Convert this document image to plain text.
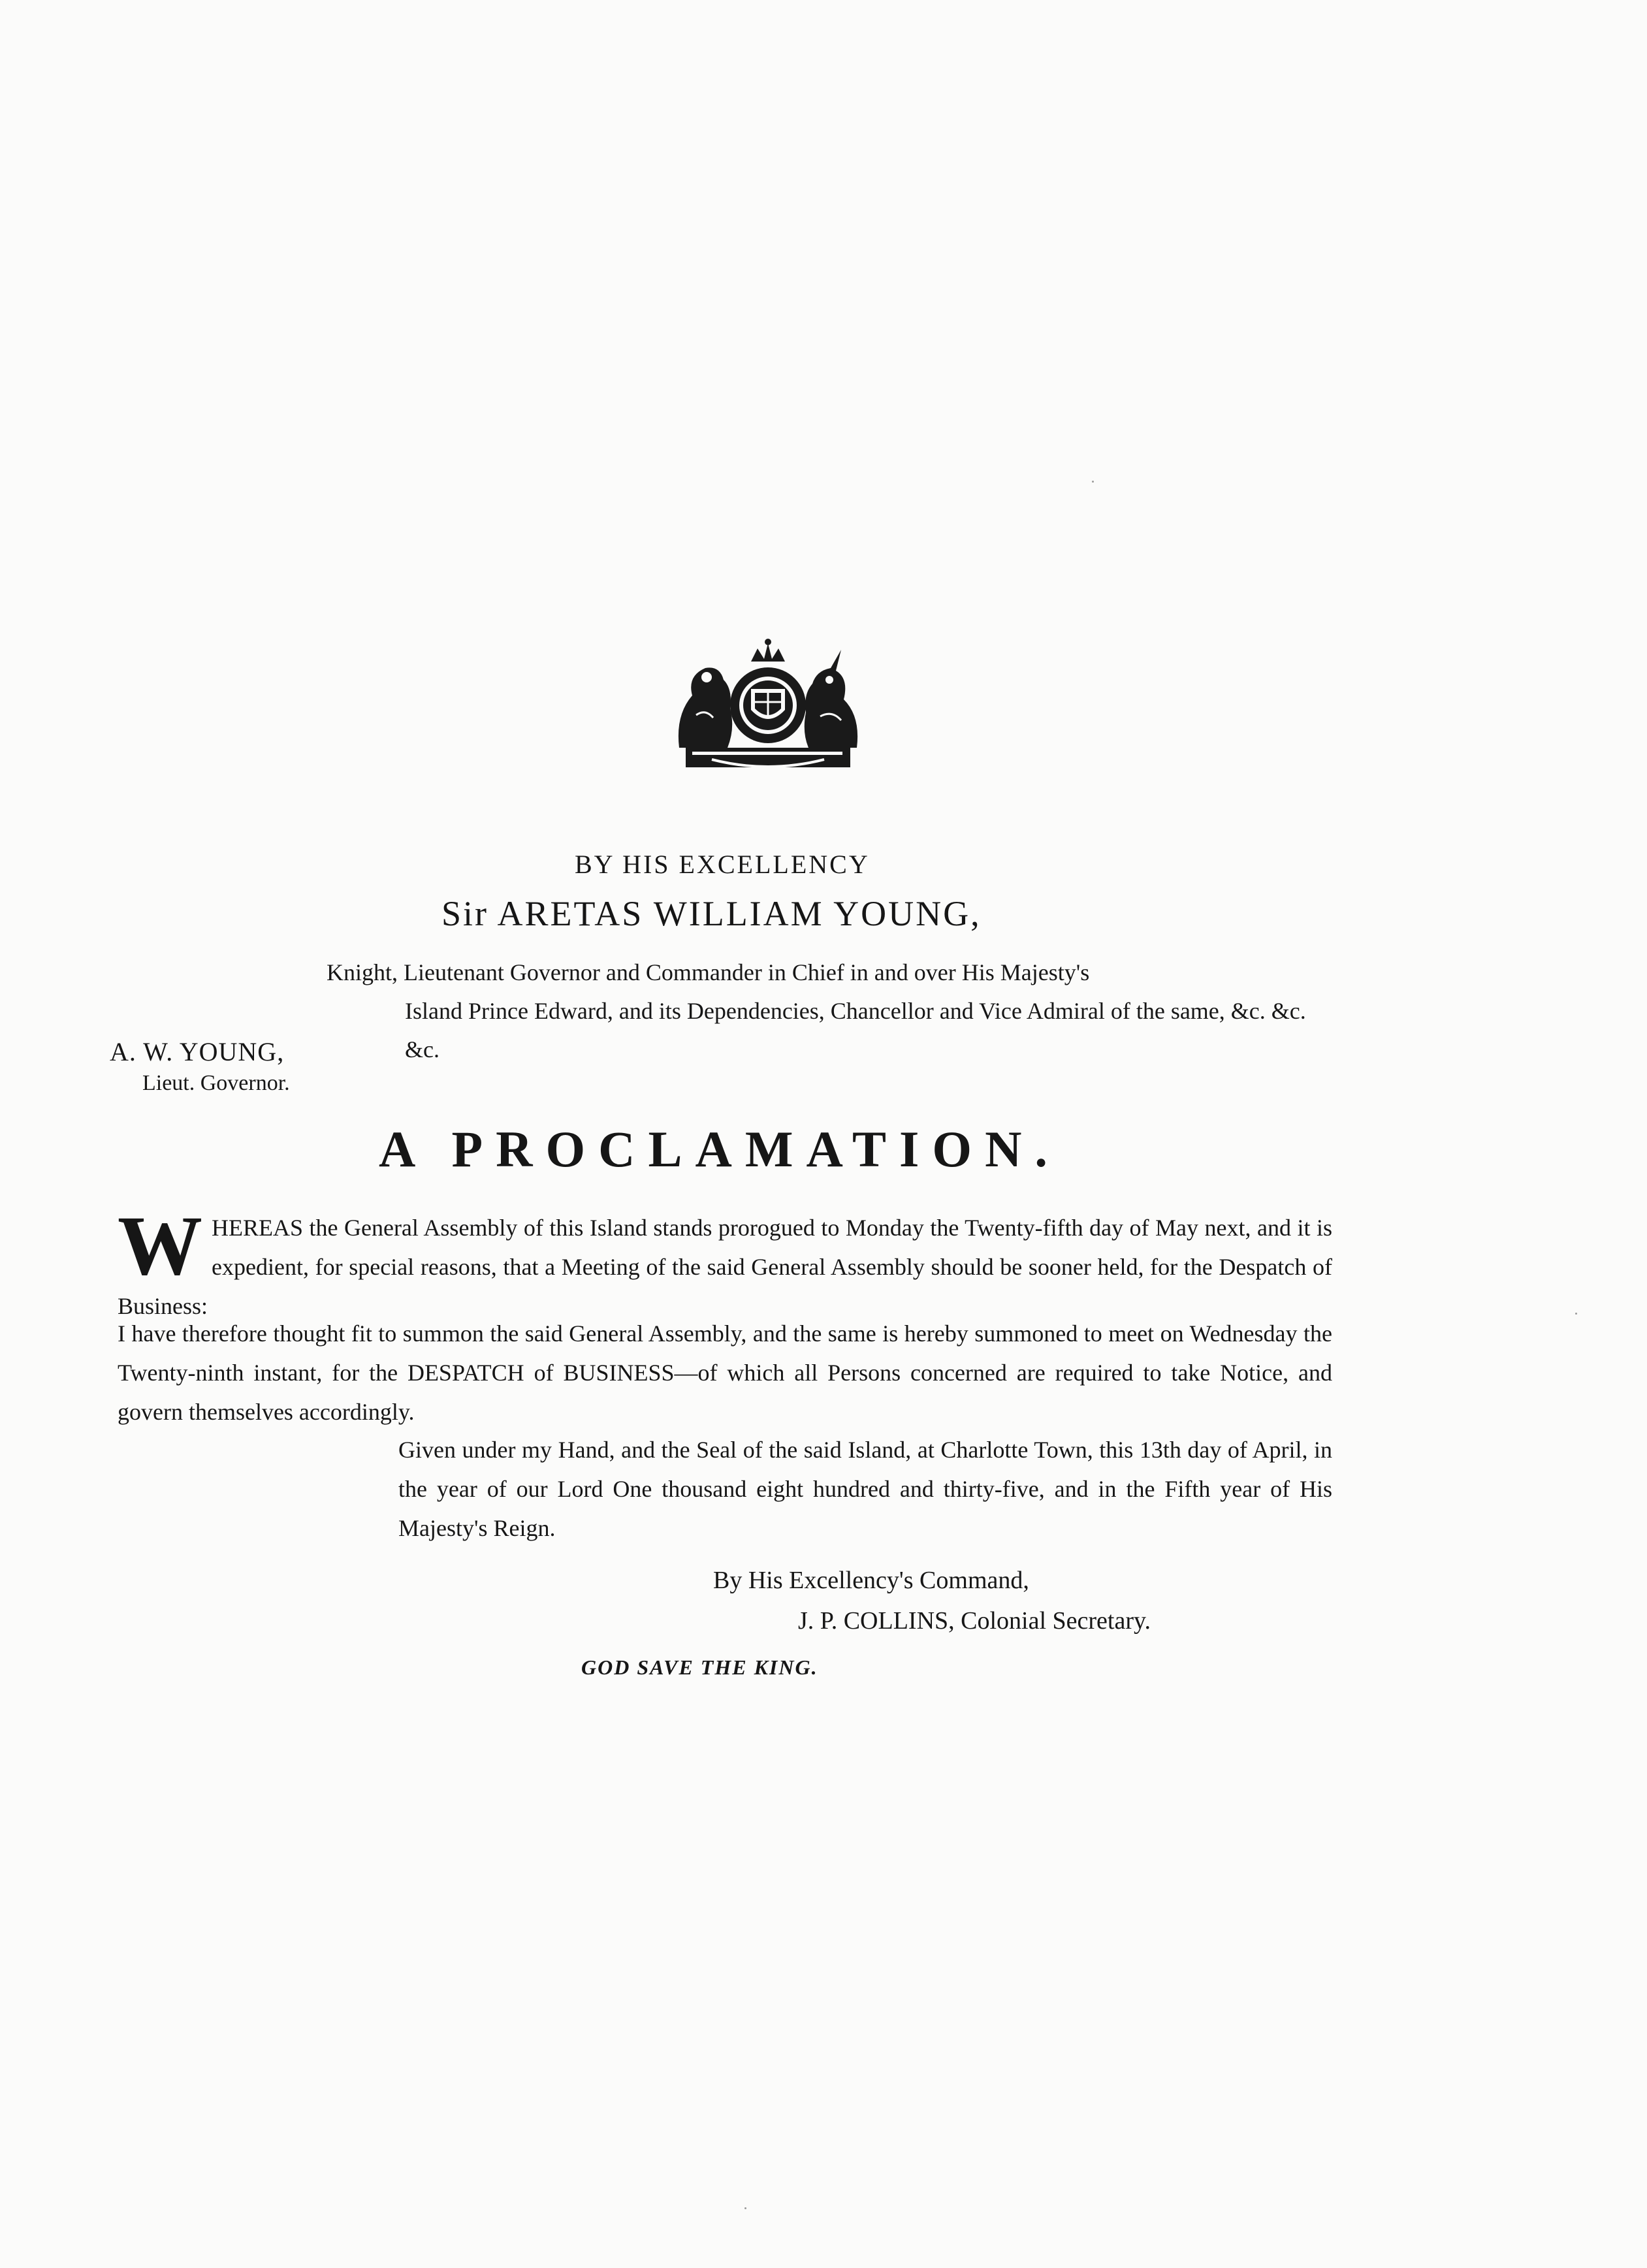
BY HIS EXCELLENCY
Sir ARETAS WILLIAM YOUNG,
Knight, Lieutenant Governor and Commander in Chief in and over His Majesty's
Island Prince Edward, and its Dependencies, Chancellor and Vice Admiral of the same, &c. &c. &c.
A. W. YOUNG,
Lieut. Governor.
A PROCLAMATION.
W HEREAS the General Assembly of this Island stands prorogued to Monday the Twenty-fifth day of May next, and it is expedient, for special reasons, that a Meeting of the said General Assembly should be sooner held, for the Despatch of Business:
I have therefore thought fit to summon the said General Assembly, and the same is hereby summoned to meet on Wednesday the Twenty-ninth instant, for the DESPATCH of BUSINESS—of which all Persons concerned are required to take Notice, and govern themselves accordingly.
Given under my Hand, and the Seal of the said Island, at Charlotte Town, this 13th day of April, in the year of our Lord One thousand eight hundred and thirty-five, and in the Fifth year of His Majesty's Reign.
By His Excellency's Command,
J. P. COLLINS, Colonial Secretary.
GOD SAVE THE KING.
